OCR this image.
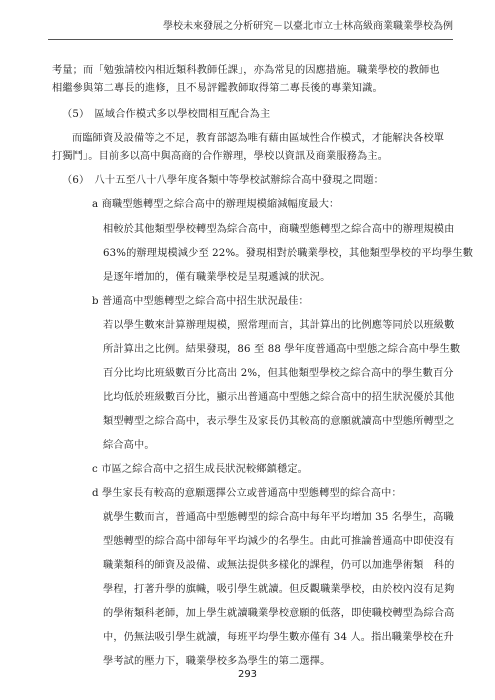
學校未來發展之分析研究－以臺北市立士林高級商業職業學校為例
考量；而「勉強請校內相近類科教師任課」，亦為常見的因應措施。職業學校的教師也
相繼參與第二專長的進修，且不易評鑑教師取得第二專長後的專業知識。
（5）　區域合作模式多以學校間相互配合為主
而臨師資及設備等之不足，教育部認為唯有藉由區域性合作模式，才能解決各校單
打獨鬥」。目前多以高中與高商的合作辦理，學校以資訊及商業服務為主。
（6）　八十五至八十八學年度各類中等學校試辦綜合高中發現之問題：
a 商職型態轉型之綜合高中的辦理規模縮減幅度最大：
相較於其他類型學校轉型為綜合高中，商職型態轉型之綜合高中的辦理規模由
63%的辦理規模減少至 22%。發現相對於職業學校，其他類型學校的平均學生數
是逐年增加的，僅有職業學校是呈現遞減的狀況。
b 普通高中型態轉型之綜合高中招生狀況最佳：
若以學生數來計算辦理規模，照常理而言，其計算出的比例應等同於以班級數
所計算出之比例。結果發現，86 至 88 學年度普通高中型態之綜合高中學生數
百分比均比班級數百分比高出 2%，但其他類型學校之綜合高中的學生數百分
比均低於班級數百分比，顯示出普通高中型態之綜合高中的招生狀況優於其他
類型轉型之綜合高中，表示學生及家長仍其較高的意願就讀高中型態所轉型之
綜合高中。
c 市區之綜合高中之招生成長狀況較鄉鎮穩定。
d 學生家長有較高的意願選擇公立或普通高中型態轉型的綜合高中：
就學生數而言，普通高中型態轉型的綜合高中每年平均增加 35 名學生，高職
型態轉型的綜合高中卻每年平均減少的名學生。由此可推論普通高中即使沒有
職業類科的師資及設備、或無法提供多樣化的課程，仍可以加進學術類　科的
學程，打著升學的旗幟，吸引學生就讀。但反觀職業學校，由於校內沒有足夠
的學術類科老師，加上學生就讀職業學校意願的低落，即使職校轉型為綜合高
中，仍無法吸引學生就讀，每班平均學生數亦僅有 34 人。指出職業學校在升
學考試的壓力下，職業學校多為學生的第二選擇。
293
